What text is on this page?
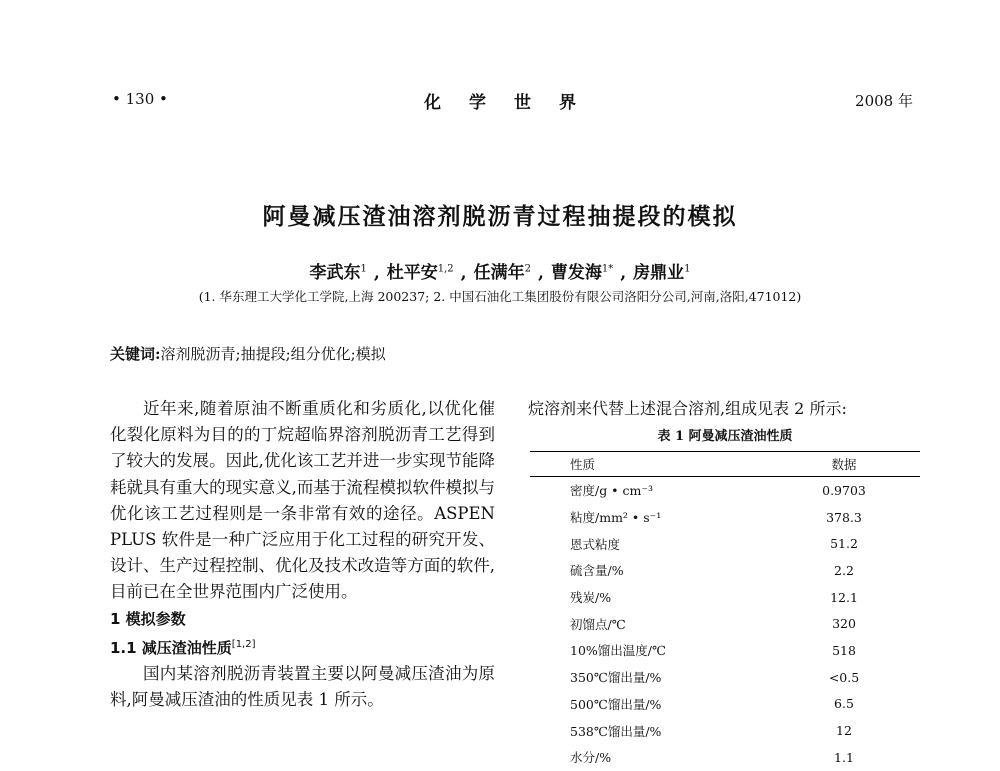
• 130 •	化学世界	2008 年
阿曼减压渣油溶剂脱沥青过程抽提段的模拟
李武东$^1$ , 杜平安$^{1,2}$ , 任满年$^2$ , 曹发海$^{1*}$ , 房鼎业$^1$
(1. 华东理工大学化工学院,上海 200237; 2. 中国石油化工集团股份有限公司洛阳分公司,河南,洛阳,471012)
关键词:溶剂脱沥青;抽提段;组分优化;模拟

近年来,随着原油不断重质化和劣质化,以优化催化裂化原料为目的的丁烷超临界溶剂脱沥青工艺得到了较大的发展。因此,优化该工艺并进一步实现节能降耗就具有重大的现实意义,而基于流程模拟软件模拟与优化该工艺过程则是一条非常有效的途径。ASPEN PLUS 软件是一种广泛应用于化工过程的研究开发、设计、生产过程控制、优化及技术改造等方面的软件,目前已在全世界范围内广泛使用。

1 模拟参数

1.1 减压渣油性质[1,2]

国内某溶剂脱沥青装置主要以阿曼减压渣油为原料,阿曼减压渣油的性质见表 1 所示。

烷溶剂来代替上述混合溶剂,组成见表 2 所示:
表 1 阿曼减压渣油性质
性质	数据
密度/g • cm⁻³	0.9703
粘度/mm² • s⁻¹	378.3
恩式粘度	51.2
硫含量/%	2.2
残炭/%	12.1
初馏点/℃	320
10%馏出温度/℃	518
350℃馏出量/%	<0.5
500℃馏出量/%	6.5
538℃馏出量/%	12
水分/%	1.1
